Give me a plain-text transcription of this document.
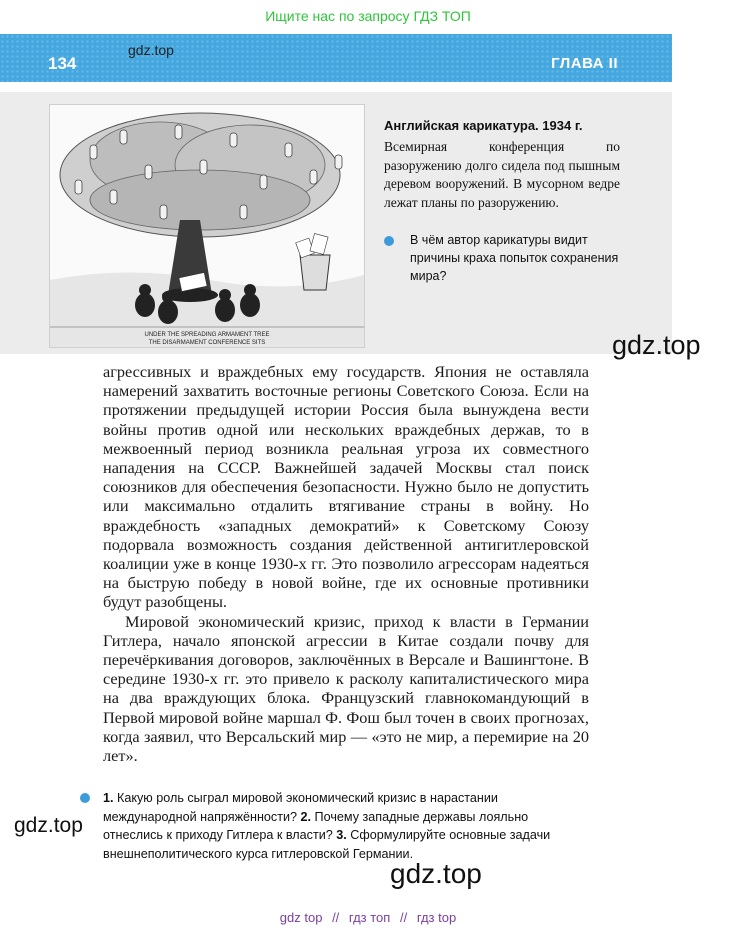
Ищите нас по запросу ГДЗ ТОП
134	ГЛАВА II
gdz.top
UNDER THE SPREADING ARMAMENT TREE
THE DISARMAMENT CONFERENCE SITS
Английская карикатура. 1934 г.
Всемирная конференция по разоружению долго сидела под пышным деревом вооружений. В мусорном ведре лежат планы по разоружению.
В чём автор карикатуры видит причины краха попыток сохранения мира?
gdz.top

агрессивных и враждебных ему государств. Япония не оставляла намерений захватить восточные регионы Советского Союза. Если на протяжении предыдущей истории Россия была вынуждена вести войны против одной или нескольких враждебных держав, то в межвоенный период возникла реальная угроза их совместного нападения на СССР. Важнейшей задачей Москвы стал поиск союзников для обеспечения безопасности. Нужно было не допустить или максимально отдалить втягивание страны в войну. Но враждебность «западных демократий» к Советскому Союзу подорвала возможность создания действенной антигитлеровской коалиции уже в конце 1930-х гг. Это позволило агрессорам надеяться на быструю победу в новой войне, где их основные противники будут разобщены.

Мировой экономический кризис, приход к власти в Германии Гитлера, начало японской агрессии в Китае создали почву для перечёркивания договоров, заключённых в Версале и Вашингтоне. В середине 1930-х гг. это привело к расколу капиталистического мира на два враждующих блока. Французский главнокомандующий в Первой мировой войне маршал Ф. Фош был точен в своих прогнозах, когда заявил, что Версальский мир — «это не мир, а перемирие на 20 лет».

1. Какую роль сыграл мировой экономический кризис в нарастании международной напряжённости? 2. Почему западные державы лояльно отнеслись к приходу Гитлера к власти? 3. Сформулируйте основные задачи внешнеполитического курса гитлеровской Германии.
gdz.top
gdz.top
gdz top // гдз топ // гдз top
